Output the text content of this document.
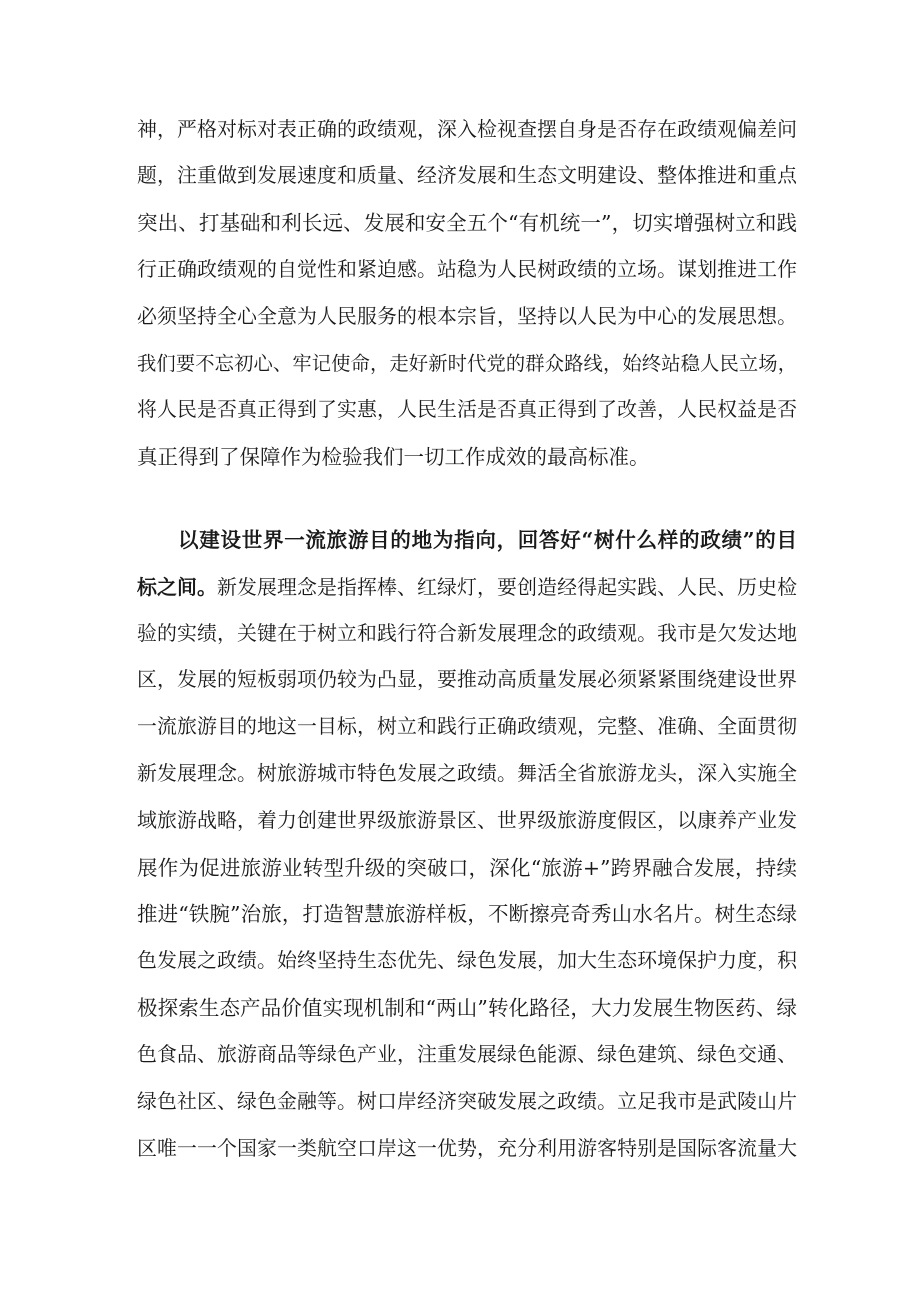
神，严格对标对表正确的政绩观，深入检视查摆自身是否存在政绩观偏差问
题，注重做到发展速度和质量、经济发展和生态文明建设、整体推进和重点
突出、打基础和利长远、发展和安全五个“有机统一”，切实增强树立和践
行正确政绩观的自觉性和紧迫感。站稳为人民树政绩的立场。谋划推进工作
必须坚持全心全意为人民服务的根本宗旨，坚持以人民为中心的发展思想。
我们要不忘初心、牢记使命，走好新时代党的群众路线，始终站稳人民立场，
将人民是否真正得到了实惠，人民生活是否真正得到了改善，人民权益是否
真正得到了保障作为检验我们一切工作成效的最高标准。
以建设世界一流旅游目的地为指向，回答好“树什么样的政绩”的目
标之间。新发展理念是指挥棒、红绿灯，要创造经得起实践、人民、历史检
验的实绩，关键在于树立和践行符合新发展理念的政绩观。我市是欠发达地
区，发展的短板弱项仍较为凸显，要推动高质量发展必须紧紧围绕建设世界
一流旅游目的地这一目标，树立和践行正确政绩观，完整、准确、全面贯彻
新发展理念。树旅游城市特色发展之政绩。舞活全省旅游龙头，深入实施全
域旅游战略，着力创建世界级旅游景区、世界级旅游度假区，以康养产业发
展作为促进旅游业转型升级的突破口，深化“旅游+”跨界融合发展，持续
推进“铁腕”治旅，打造智慧旅游样板，不断擦亮奇秀山水名片。树生态绿
色发展之政绩。始终坚持生态优先、绿色发展，加大生态环境保护力度，积
极探索生态产品价值实现机制和“两山”转化路径，大力发展生物医药、绿
色食品、旅游商品等绿色产业，注重发展绿色能源、绿色建筑、绿色交通、
绿色社区、绿色金融等。树口岸经济突破发展之政绩。立足我市是武陵山片
区唯一一个国家一类航空口岸这一优势，充分利用游客特别是国际客流量大
